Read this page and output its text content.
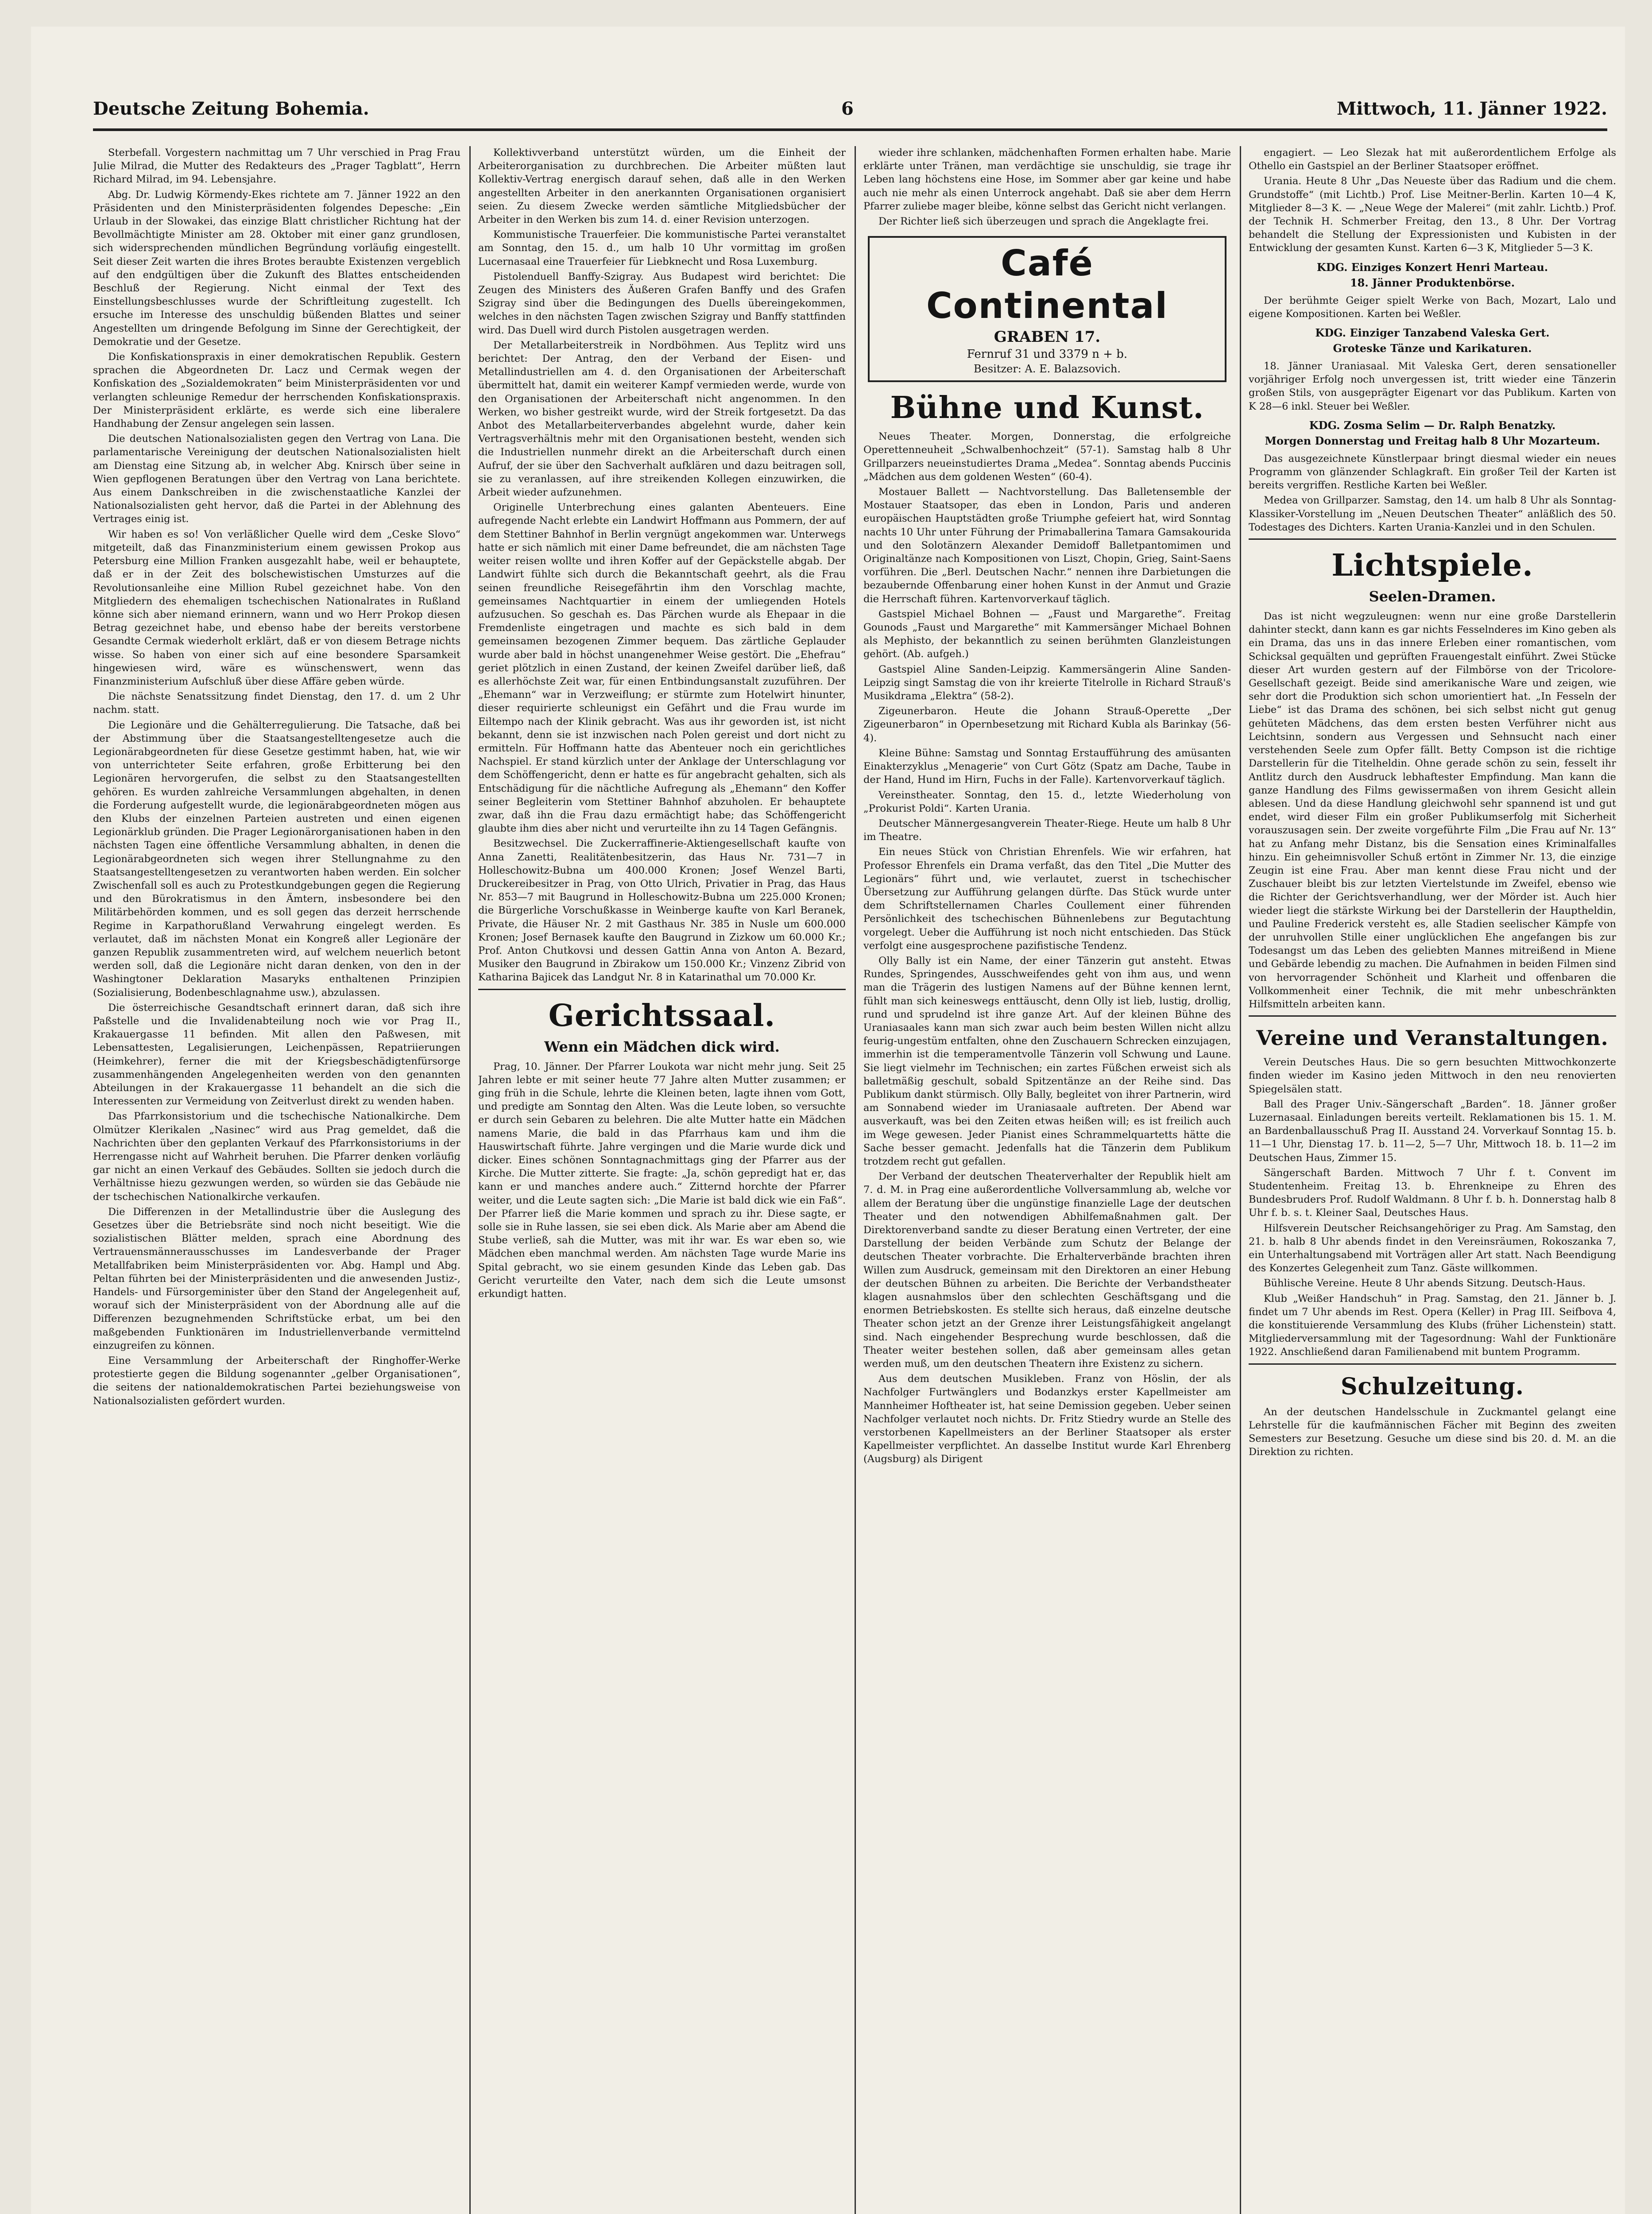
Deutsche Zeitung Bohemia.	6	Mittwoch, 11. Jänner 1922.

Sterbefall. Vorgestern nachmittag um 7 Uhr verschied in Prag Frau Julie Milrad, die Mutter des Redakteurs des „Prager Tagblatt“, Herrn Richard Milrad, im 94. Lebensjahre.

Abg. Dr. Ludwig Körmendy-Ekes richtete am 7. Jänner 1922 an den Präsidenten und den Ministerpräsidenten folgendes Depesche: „Ein Urlaub in der Slowakei, das einzige Blatt christlicher Richtung hat der Bevollmächtigte Minister am 28. Oktober mit einer ganz grundlosen, sich widersprechenden mündlichen Begründung vorläufig eingestellt. Seit dieser Zeit warten die ihres Brotes beraubte Existenzen vergeblich auf den endgültigen über die Zukunft des Blattes entscheidenden Beschluß der Regierung. Nicht einmal der Text des Einstellungsbeschlusses wurde der Schriftleitung zugestellt. Ich ersuche im Interesse des unschuldig büßenden Blattes und seiner Angestellten um dringende Befolgung im Sinne der Gerechtigkeit, der Demokratie und der Gesetze.

Die Konfiskationspraxis in einer demokratischen Republik. Gestern sprachen die Abgeordneten Dr. Lacz und Cermak wegen der Konfiskation des „Sozialdemokraten“ beim Ministerpräsidenten vor und verlangten schleunige Remedur der herrschenden Konfiskationspraxis. Der Ministerpräsident erklärte, es werde sich eine liberalere Handhabung der Zensur angelegen sein lassen.

Die deutschen Nationalsozialisten gegen den Vertrag von Lana. Die parlamentarische Vereinigung der deutschen Nationalsozialisten hielt am Dienstag eine Sitzung ab, in welcher Abg. Knirsch über seine in Wien gepflogenen Beratungen über den Vertrag von Lana berichtete. Aus einem Dankschreiben in die zwischenstaatliche Kanzlei der Nationalsozialisten geht hervor, daß die Partei in der Ablehnung des Vertrages einig ist.

Wir haben es so! Von verläßlicher Quelle wird dem „Ceske Slovo“ mitgeteilt, daß das Finanzministerium einem gewissen Prokop aus Petersburg eine Million Franken ausgezahlt habe, weil er behauptete, daß er in der Zeit des bolschewistischen Umsturzes auf die Revolutionsanleihe eine Million Rubel gezeichnet habe. Von den Mitgliedern des ehemaligen tschechischen Nationalrates in Rußland könne sich aber niemand erinnern, wann und wo Herr Prokop diesen Betrag gezeichnet habe, und ebenso habe der bereits verstorbene Gesandte Cermak wiederholt erklärt, daß er von diesem Betrage nichts wisse. So haben von einer sich auf eine besondere Sparsamkeit hingewiesen wird, wäre es wünschenswert, wenn das Finanzministerium Aufschluß über diese Affäre geben würde.

Die nächste Senatssitzung findet Dienstag, den 17. d. um 2 Uhr nachm. statt.

Die Legionäre und die Gehälterregulierung. Die Tatsache, daß bei der Abstimmung über die Staatsangestelltengesetze auch die Legionärabgeordneten für diese Gesetze gestimmt haben, hat, wie wir von unterrichteter Seite erfahren, große Erbitterung bei den Legionären hervorgerufen, die selbst zu den Staatsangestellten gehören. Es wurden zahlreiche Versammlungen abgehalten, in denen die Forderung aufgestellt wurde, die legionärabgeordneten mögen aus den Klubs der einzelnen Parteien austreten und einen eigenen Legionärklub gründen. Die Prager Legionärorganisationen haben in den nächsten Tagen eine öffentliche Versammlung abhalten, in denen die Legionärabgeordneten sich wegen ihrer Stellungnahme zu den Staatsangestelltengesetzen zu verantworten haben werden. Ein solcher Zwischenfall soll es auch zu Protestkundgebungen gegen die Regierung und den Bürokratismus in den Ämtern, insbesondere bei den Militärbehörden kommen, und es soll gegen das derzeit herrschende Regime in Karpathorußland Verwahrung eingelegt werden. Es verlautet, daß im nächsten Monat ein Kongreß aller Legionäre der ganzen Republik zusammentreten wird, auf welchem neuerlich betont werden soll, daß die Legionäre nicht daran denken, von den in der Washingtoner Deklaration Masaryks enthaltenen Prinzipien (Sozialisierung, Bodenbeschlagnahme usw.), abzulassen.

Die österreichische Gesandtschaft erinnert daran, daß sich ihre Paßstelle und die Invalidenabteilung noch wie vor Prag II., Krakauergasse 11 befinden. Mit allen den Paßwesen, mit Lebensattesten, Legalisierungen, Leichenpässen, Repatriierungen (Heimkehrer), ferner die mit der Kriegsbeschädigtenfürsorge zusammenhängenden Angelegenheiten werden von den genannten Abteilungen in der Krakauergasse 11 behandelt an die sich die Interessenten zur Vermeidung von Zeitverlust direkt zu wenden haben.

Das Pfarrkonsistorium und die tschechische Nationalkirche. Dem Olmützer Klerikalen „Nasinec“ wird aus Prag gemeldet, daß die Nachrichten über den geplanten Verkauf des Pfarrkonsistoriums in der Herrengasse nicht auf Wahrheit beruhen. Die Pfarrer denken vorläufig gar nicht an einen Verkauf des Gebäudes. Sollten sie jedoch durch die Verhältnisse hiezu gezwungen werden, so würden sie das Gebäude nie der tschechischen Nationalkirche verkaufen.

Die Differenzen in der Metallindustrie über die Auslegung des Gesetzes über die Betriebsräte sind noch nicht beseitigt. Wie die sozialistischen Blätter melden, sprach eine Abordnung des Vertrauensmännerausschusses im Landesverbande der Prager Metallfabriken beim Ministerpräsidenten vor. Abg. Hampl und Abg. Peltan führten bei der Ministerpräsidenten und die anwesenden Justiz-, Handels- und Fürsorgeminister über den Stand der Angelegenheit auf, worauf sich der Ministerpräsident von der Abordnung alle auf die Differenzen bezugnehmenden Schriftstücke erbat, um bei den maßgebenden Funktionären im Industriellenverbande vermittelnd einzugreifen zu können.

Eine Versammlung der Arbeiterschaft der Ringhoffer-Werke protestierte gegen die Bildung sogenannter „gelber Organisationen“, die seitens der nationaldemokratischen Partei beziehungsweise von Nationalsozialisten gefördert wurden.

Kollektivverband unterstützt würden, um die Einheit der Arbeiterorganisation zu durchbrechen. Die Arbeiter müßten laut Kollektiv-Vertrag energisch darauf sehen, daß alle in den Werken angestellten Arbeiter in den anerkannten Organisationen organisiert seien. Zu diesem Zwecke werden sämtliche Mitgliedsbücher der Arbeiter in den Werken bis zum 14. d. einer Revision unterzogen.

Kommunistische Trauerfeier. Die kommunistische Partei veranstaltet am Sonntag, den 15. d., um halb 10 Uhr vormittag im großen Lucernasaal eine Trauerfeier für Liebknecht und Rosa Luxemburg.

Pistolenduell Banffy-Szigray. Aus Budapest wird berichtet: Die Zeugen des Ministers des Äußeren Grafen Banffy und des Grafen Szigray sind über die Bedingungen des Duells übereingekommen, welches in den nächsten Tagen zwischen Szigray und Banffy stattfinden wird. Das Duell wird durch Pistolen ausgetragen werden.

Der Metallarbeiterstreik in Nordböhmen. Aus Teplitz wird uns berichtet: Der Antrag, den der Verband der Eisen- und Metallindustriellen am 4. d. den Organisationen der Arbeiterschaft übermittelt hat, damit ein weiterer Kampf vermieden werde, wurde von den Organisationen der Arbeiterschaft nicht angenommen. In den Werken, wo bisher gestreikt wurde, wird der Streik fortgesetzt. Da das Anbot des Metallarbeiterverbandes abgelehnt wurde, daher kein Vertragsverhältnis mehr mit den Organisationen besteht, wenden sich die Industriellen nunmehr direkt an die Arbeiterschaft durch einen Aufruf, der sie über den Sachverhalt aufklären und dazu beitragen soll, sie zu veranlassen, auf ihre streikenden Kollegen einzuwirken, die Arbeit wieder aufzunehmen.

Originelle Unterbrechung eines galanten Abenteuers. Eine aufregende Nacht erlebte ein Landwirt Hoffmann aus Pommern, der auf dem Stettiner Bahnhof in Berlin vergnügt angekommen war. Unterwegs hatte er sich nämlich mit einer Dame befreundet, die am nächsten Tage weiter reisen wollte und ihren Koffer auf der Gepäckstelle abgab. Der Landwirt fühlte sich durch die Bekanntschaft geehrt, als die Frau seinen freundliche Reisegefährtin ihm den Vorschlag machte, gemeinsames Nachtquartier in einem der umliegenden Hotels aufzusuchen. So geschah es. Das Pärchen wurde als Ehepaar in die Fremdenliste eingetragen und machte es sich bald in dem gemeinsamen bezogenen Zimmer bequem. Das zärtliche Geplauder wurde aber bald in höchst unangenehmer Weise gestört. Die „Ehefrau“ geriet plötzlich in einen Zustand, der keinen Zweifel darüber ließ, daß es allerhöchste Zeit war, für einen Entbindungsanstalt zuzuführen. Der „Ehemann“ war in Verzweiflung; er stürmte zum Hotelwirt hinunter, dieser requirierte schleunigst ein Gefährt und die Frau wurde im Eiltempo nach der Klinik gebracht. Was aus ihr geworden ist, ist nicht bekannt, denn sie ist inzwischen nach Polen gereist und dort nicht zu ermitteln. Für Hoffmann hatte das Abenteuer noch ein gerichtliches Nachspiel. Er stand kürzlich unter der Anklage der Unterschlagung vor dem Schöffengericht, denn er hatte es für angebracht gehalten, sich als Entschädigung für die nächtliche Aufregung als „Ehemann“ den Koffer seiner Begleiterin vom Stettiner Bahnhof abzuholen. Er behauptete zwar, daß ihn die Frau dazu ermächtigt habe; das Schöffengericht glaubte ihm dies aber nicht und verurteilte ihn zu 14 Tagen Gefängnis.

Besitzwechsel. Die Zuckerraffinerie-Aktiengesellschaft kaufte von Anna Zanetti, Realitätenbesitzerin, das Haus Nr. 731—7 in Holleschowitz-Bubna um 400.000 Kronen; Josef Wenzel Barti, Druckereibesitzer in Prag, von Otto Ulrich, Privatier in Prag, das Haus Nr. 853—7 mit Baugrund in Holleschowitz-Bubna um 225.000 Kronen; die Bürgerliche Vorschußkasse in Weinberge kaufte von Karl Beranek, Private, die Häuser Nr. 2 mit Gasthaus Nr. 385 in Nusle um 600.000 Kronen; Josef Bernasek kaufte den Baugrund in Zizkow um 60.000 Kr.; Prof. Anton Chutkovsi und dessen Gattin Anna von Anton A. Bezard, Musiker den Baugrund in Zbirakow um 150.000 Kr.; Vinzenz Zibrid von Katharina Bajicek das Landgut Nr. 8 in Katarinathal um 70.000 Kr.

Gerichtssaal.
Wenn ein Mädchen dick wird.

Prag, 10. Jänner. Der Pfarrer Loukota war nicht mehr jung. Seit 25 Jahren lebte er mit seiner heute 77 Jahre alten Mutter zusammen; er ging früh in die Schule, lehrte die Kleinen beten, lagte ihnen vom Gott, und predigte am Sonntag den Alten. Was die Leute loben, so versuchte er durch sein Gebaren zu belehren. Die alte Mutter hatte ein Mädchen namens Marie, die bald in das Pfarrhaus kam und ihm die Hauswirtschaft führte. Jahre vergingen und die Marie wurde dick und dicker. Eines schönen Sonntagnachmittags ging der Pfarrer aus der Kirche. Die Mutter zitterte. Sie fragte: „Ja, schön gepredigt hat er, das kann er und manches andere auch.“ Zitternd horchte der Pfarrer weiter, und die Leute sagten sich: „Die Marie ist bald dick wie ein Faß“. Der Pfarrer ließ die Marie kommen und sprach zu ihr. Diese sagte, er solle sie in Ruhe lassen, sie sei eben dick. Als Marie aber am Abend die Stube verließ, sah die Mutter, was mit ihr war. Es war eben so, wie Mädchen eben manchmal werden. Am nächsten Tage wurde Marie ins Spital gebracht, wo sie einem gesunden Kinde das Leben gab. Das Gericht verurteilte den Vater, nach dem sich die Leute umsonst erkundigt hatten.

wieder ihre schlanken, mädchenhaften Formen erhalten habe. Marie erklärte unter Tränen, man verdächtige sie unschuldig, sie trage ihr Leben lang höchstens eine Hose, im Sommer aber gar keine und habe auch nie mehr als einen Unterrock angehabt. Daß sie aber dem Herrn Pfarrer zuliebe mager bleibe, könne selbst das Gericht nicht verlangen.

Der Richter ließ sich überzeugen und sprach die Angeklagte frei.

Café Continental
GRABEN 17.
Fernruf 31 und 3379 n + b.
Besitzer: A. E. Balazsovich.
Bühne und Kunst.

Neues Theater. Morgen, Donnerstag, die erfolgreiche Operettenneuheit „Schwalbenhochzeit“ (57-1). Samstag halb 8 Uhr Grillparzers neueinstudiertes Drama „Medea“. Sonntag abends Puccinis „Mädchen aus dem goldenen Westen“ (60-4).

Mostauer Ballett — Nachtvorstellung. Das Balletensemble der Mostauer Staatsoper, das eben in London, Paris und anderen europäischen Hauptstädten große Triumphe gefeiert hat, wird Sonntag nachts 10 Uhr unter Führung der Primaballerina Tamara Gamsakourida und den Solotänzern Alexander Demidoff Balletpantomimen und Originaltänze nach Kompositionen von Liszt, Chopin, Grieg, Saint-Saens vorführen. Die „Berl. Deutschen Nachr.“ nennen ihre Darbietungen die bezaubernde Offenbarung einer hohen Kunst in der Anmut und Grazie die Herrschaft führen. Kartenvorverkauf täglich.

Gastspiel Michael Bohnen — „Faust und Margarethe“. Freitag Gounods „Faust und Margarethe“ mit Kammersänger Michael Bohnen als Mephisto, der bekanntlich zu seinen berühmten Glanzleistungen gehört. (Ab. aufgeh.)

Gastspiel Aline Sanden-Leipzig. Kammersängerin Aline Sanden-Leipzig singt Samstag die von ihr kreierte Titelrolle in Richard Strauß's Musikdrama „Elektra“ (58-2).

Zigeunerbaron. Heute die Johann Strauß-Operette „Der Zigeunerbaron“ in Opernbesetzung mit Richard Kubla als Barinkay (56-4).

Kleine Bühne: Samstag und Sonntag Erstaufführung des amüsanten Einakterzyklus „Menagerie“ von Curt Götz (Spatz am Dache, Taube in der Hand, Hund im Hirn, Fuchs in der Falle). Kartenvorverkauf täglich.

Vereinstheater. Sonntag, den 15. d., letzte Wiederholung von „Prokurist Poldi“. Karten Urania.

Deutscher Männergesangverein Theater-Riege. Heute um halb 8 Uhr im Theatre.

Ein neues Stück von Christian Ehrenfels. Wie wir erfahren, hat Professor Ehrenfels ein Drama verfaßt, das den Titel „Die Mutter des Legionärs“ führt und, wie verlautet, zuerst in tschechischer Übersetzung zur Aufführung gelangen dürfte. Das Stück wurde unter dem Schriftstellernamen Charles Coullement einer führenden Persönlichkeit des tschechischen Bühnenlebens zur Begutachtung vorgelegt. Ueber die Aufführung ist noch nicht entschieden. Das Stück verfolgt eine ausgesprochene pazifistische Tendenz.

Olly Bally ist ein Name, der einer Tänzerin gut ansteht. Etwas Rundes, Springendes, Ausschweifendes geht von ihm aus, und wenn man die Trägerin des lustigen Namens auf der Bühne kennen lernt, fühlt man sich keineswegs enttäuscht, denn Olly ist lieb, lustig, drollig, rund und sprudelnd ist ihre ganze Art. Auf der kleinen Bühne des Uraniasaales kann man sich zwar auch beim besten Willen nicht allzu feurig-ungestüm entfalten, ohne den Zuschauern Schrecken einzujagen, immerhin ist die temperamentvolle Tänzerin voll Schwung und Laune. Sie liegt vielmehr im Technischen; ein zartes Füßchen erweist sich als balletmäßig geschult, sobald Spitzentänze an der Reihe sind. Das Publikum dankt stürmisch. Olly Bally, begleitet von ihrer Partnerin, wird am Sonnabend wieder im Uraniasaale auftreten. Der Abend war ausverkauft, was bei den Zeiten etwas heißen will; es ist freilich auch im Wege gewesen. Jeder Pianist eines Schrammelquartetts hätte die Sache besser gemacht. Jedenfalls hat die Tänzerin dem Publikum trotzdem recht gut gefallen.

Der Verband der deutschen Theaterverhalter der Republik hielt am 7. d. M. in Prag eine außerordentliche Vollversammlung ab, welche vor allem der Beratung über die ungünstige finanzielle Lage der deutschen Theater und den notwendigen Abhilfemaßnahmen galt. Der Direktorenverband sandte zu dieser Beratung einen Vertreter, der eine Darstellung der beiden Verbände zum Schutz der Belange der deutschen Theater vorbrachte. Die Erhalterverbände brachten ihren Willen zum Ausdruck, gemeinsam mit den Direktoren an einer Hebung der deutschen Bühnen zu arbeiten. Die Berichte der Verbandstheater klagen ausnahmslos über den schlechten Geschäftsgang und die enormen Betriebskosten. Es stellte sich heraus, daß einzelne deutsche Theater schon jetzt an der Grenze ihrer Leistungsfähigkeit angelangt sind. Nach eingehender Besprechung wurde beschlossen, daß die Theater weiter bestehen sollen, daß aber gemeinsam alles getan werden muß, um den deutschen Theatern ihre Existenz zu sichern.

Aus dem deutschen Musikleben. Franz von Höslin, der als Nachfolger Furtwänglers und Bodanzkys erster Kapellmeister am Mannheimer Hoftheater ist, hat seine Demission gegeben. Ueber seinen Nachfolger verlautet noch nichts. Dr. Fritz Stiedry wurde an Stelle des verstorbenen Kapellmeisters an der Berliner Staatsoper als erster Kapellmeister verpflichtet. An dasselbe Institut wurde Karl Ehrenberg (Augsburg) als Dirigent

engagiert. — Leo Slezak hat mit außerordentlichem Erfolge als Othello ein Gastspiel an der Berliner Staatsoper eröffnet.

Urania. Heute 8 Uhr „Das Neueste über das Radium und die chem. Grundstoffe“ (mit Lichtb.) Prof. Lise Meitner-Berlin. Karten 10—4 K, Mitglieder 8—3 K. — „Neue Wege der Malerei“ (mit zahlr. Lichtb.) Prof. der Technik H. Schmerber Freitag, den 13., 8 Uhr. Der Vortrag behandelt die Stellung der Expressionisten und Kubisten in der Entwicklung der gesamten Kunst. Karten 6—3 K, Mitglieder 5—3 K.

KDG. Einziges Konzert Henri Marteau.
18. Jänner Produktenbörse.

Der berühmte Geiger spielt Werke von Bach, Mozart, Lalo und eigene Kompositionen. Karten bei Weßler.

KDG. Einziger Tanzabend Valeska Gert.
Groteske Tänze und Karikaturen.

18. Jänner Uraniasaal. Mit Valeska Gert, deren sensationeller vorjähriger Erfolg noch unvergessen ist, tritt wieder eine Tänzerin großen Stils, von ausgeprägter Eigenart vor das Publikum. Karten von K 28—6 inkl. Steuer bei Weßler.

KDG. Zosma Selim — Dr. Ralph Benatzky.
Morgen Donnerstag und Freitag halb 8 Uhr Mozarteum.

Das ausgezeichnete Künstlerpaar bringt diesmal wieder ein neues Programm von glänzender Schlagkraft. Ein großer Teil der Karten ist bereits vergriffen. Restliche Karten bei Weßler.

Medea von Grillparzer. Samstag, den 14. um halb 8 Uhr als Sonntag-Klassiker-Vorstellung im „Neuen Deutschen Theater“ anläßlich des 50. Todestages des Dichters. Karten Urania-Kanzlei und in den Schulen.

Lichtspiele.
Seelen-Dramen.

Das ist nicht wegzuleugnen: wenn nur eine große Darstellerin dahinter steckt, dann kann es gar nichts Fesselnderes im Kino geben als ein Drama, das uns in das innere Erleben einer romantischen, vom Schicksal gequälten und geprüften Frauengestalt einführt. Zwei Stücke dieser Art wurden gestern auf der Filmbörse von der Tricolore-Gesellschaft gezeigt. Beide sind amerikanische Ware und zeigen, wie sehr dort die Produktion sich schon umorientiert hat. „In Fesseln der Liebe“ ist das Drama des schönen, bei sich selbst nicht gut genug gehüteten Mädchens, das dem ersten besten Verführer nicht aus Leichtsinn, sondern aus Vergessen und Sehnsucht nach einer verstehenden Seele zum Opfer fällt. Betty Compson ist die richtige Darstellerin für die Titelheldin. Ohne gerade schön zu sein, fesselt ihr Antlitz durch den Ausdruck lebhaftester Empfindung. Man kann die ganze Handlung des Films gewissermaßen von ihrem Gesicht allein ablesen. Und da diese Handlung gleichwohl sehr spannend ist und gut endet, wird dieser Film ein großer Publikumserfolg mit Sicherheit vorauszusagen sein. Der zweite vorgeführte Film „Die Frau auf Nr. 13“ hat zu Anfang mehr Distanz, bis die Sensation eines Kriminalfalles hinzu. Ein geheimnisvoller Schuß ertönt in Zimmer Nr. 13, die einzige Zeugin ist eine Frau. Aber man kennt diese Frau nicht und der Zuschauer bleibt bis zur letzten Viertelstunde im Zweifel, ebenso wie die Richter der Gerichtsverhandlung, wer der Mörder ist. Auch hier wieder liegt die stärkste Wirkung bei der Darstellerin der Hauptheldin, und Pauline Frederick versteht es, alle Stadien seelischer Kämpfe von der unruhvollen Stille einer unglücklichen Ehe angefangen bis zur Todesangst um das Leben des geliebten Mannes mitreißend in Miene und Gebärde lebendig zu machen. Die Aufnahmen in beiden Filmen sind von hervorragender Schönheit und Klarheit und offenbaren die Vollkommenheit einer Technik, die mit mehr unbeschränkten Hilfsmitteln arbeiten kann.

Vereine und Veranstaltungen.

Verein Deutsches Haus. Die so gern besuchten Mittwochkonzerte finden wieder im Kasino jeden Mittwoch in den neu renovierten Spiegelsälen statt.

Ball des Prager Univ.-Sängerschaft „Barden“. 18. Jänner großer Luzernasaal. Einladungen bereits verteilt. Reklamationen bis 15. 1. M. an Bardenballausschuß Prag II. Ausstand 24. Vorverkauf Sonntag 15. b. 11—1 Uhr, Dienstag 17. b. 11—2, 5—7 Uhr, Mittwoch 18. b. 11—2 im Deutschen Haus, Zimmer 15.

Sängerschaft Barden. Mittwoch 7 Uhr f. t. Convent im Studentenheim. Freitag 13. b. Ehrenkneipe zu Ehren des Bundesbruders Prof. Rudolf Waldmann. 8 Uhr f. b. h. Donnerstag halb 8 Uhr f. b. s. t. Kleiner Saal, Deutsches Haus.

Hilfsverein Deutscher Reichsangehöriger zu Prag. Am Samstag, den 21. b. halb 8 Uhr abends findet in den Vereinsräumen, Rokoszanka 7, ein Unterhaltungsabend mit Vorträgen aller Art statt. Nach Beendigung des Konzertes Gelegenheit zum Tanz. Gäste willkommen.

Bühlische Vereine. Heute 8 Uhr abends Sitzung. Deutsch-Haus.

Klub „Weißer Handschuh“ in Prag. Samstag, den 21. Jänner b. J. findet um 7 Uhr abends im Rest. Opera (Keller) in Prag III. Seifbova 4, die konstituierende Versammlung des Klubs (früher Lichenstein) statt. Mitgliederversammlung mit der Tagesordnung: Wahl der Funktionäre 1922. Anschließend daran Familienabend mit buntem Programm.

Schulzeitung.

An der deutschen Handelsschule in Zuckmantel gelangt eine Lehrstelle für die kaufmännischen Fächer mit Beginn des zweiten Semesters zur Besetzung. Gesuche um diese sind bis 20. d. M. an die Direktion zu richten.
